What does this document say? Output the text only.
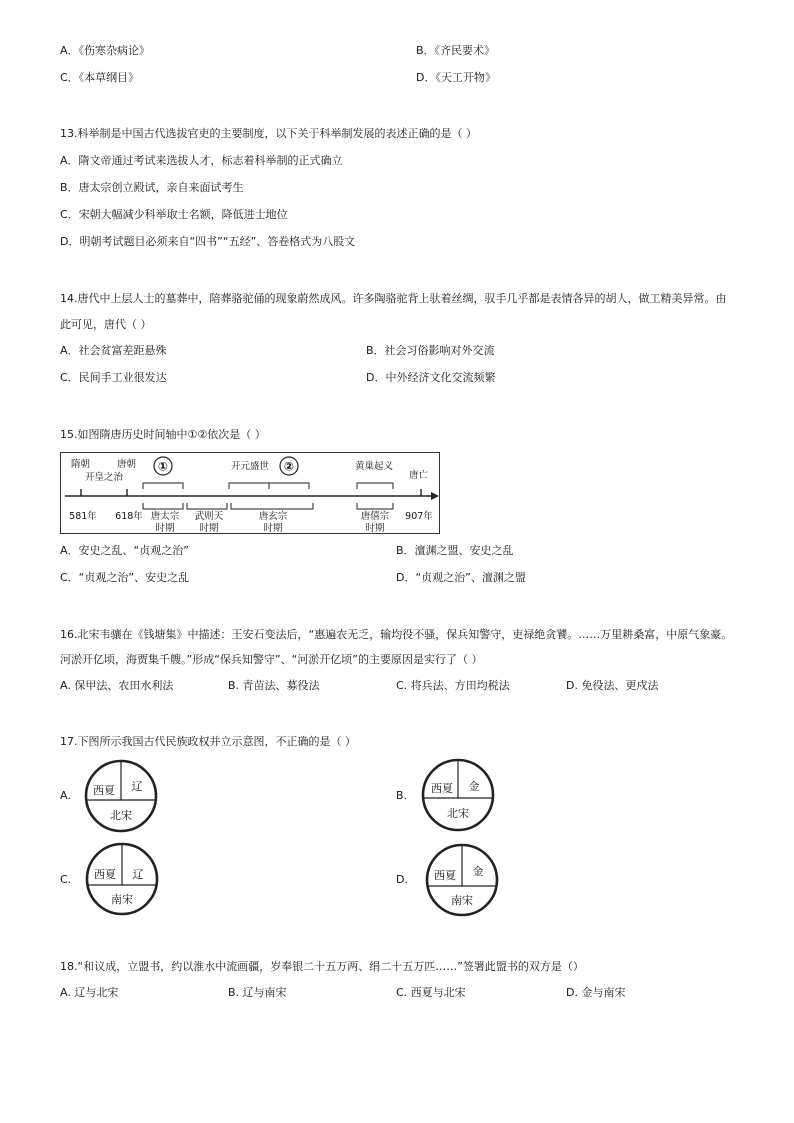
A．《伤寒杂病论》	B．《齐民要术》
C．《本草纲目》	D．《天工开物》
13.科举制是中国古代选拔官吏的主要制度，以下关于科举制发展的表述正确的是（ ）
A．隋文帝通过考试来选拔人才，标志着科举制的正式确立
B．唐太宗创立殿试，亲自来面试考生
C．宋朝大幅减少科举取士名额，降低进士地位
D．明朝考试题目必须来自“四书”“五经”、答卷格式为八股文
14.唐代中上层人士的墓葬中，陪葬骆驼俑的现象蔚然成风。许多陶骆驼背上驮着丝绸，驭手几乎都是表情各异的胡人，做工精美异常。由
此可见，唐代（ ）
A．社会贫富差距悬殊	B．社会习俗影响对外交流
C．民间手工业很发达	D．中外经济文化交流频繁
15.如图隋唐历史时间轴中①②依次是（ ）
隋朝
开皇之治
唐朝	开元盛世	黄巢起义
唐亡
①	②
581年 618年 唐太宗
时期
武则天
时期
唐玄宗
时期
唐僖宗
时期
907年
A．安史之乱、“贞观之治”	B．澶渊之盟、安史之乱
C．“贞观之治”、安史之乱	D．“贞观之治”、澶渊之盟
16.北宋韦骧在《钱塘集》中描述：王安石变法后，“惠遍农无乏，输均役不骚，保兵知警守，吏禄绝贪饕。……万里耕桑富，中原气象豪。
河淤开亿顷，海贾集千艘。”形成“保兵知警守”、“河淤开亿顷”的主要原因是实行了（ ）
A. 保甲法、农田水利法	B. 青苗法、募役法	C. 将兵法、方田均税法	D. 免役法、更戍法
17.下图所示我国古代民族政权并立示意图，不正确的是（ ）
A. 西夏 辽
北宋
B.
西夏 金
北宋
C. 西夏 辽
南宋
D. 西夏 金
南宋
18.“和议成，立盟书，约以淮水中流画疆，岁奉银二十五万两、绢二十五万匹……”签署此盟书的双方是（）
A. 辽与北宋	B. 辽与南宋	C. 西夏与北宋	D. 金与南宋
